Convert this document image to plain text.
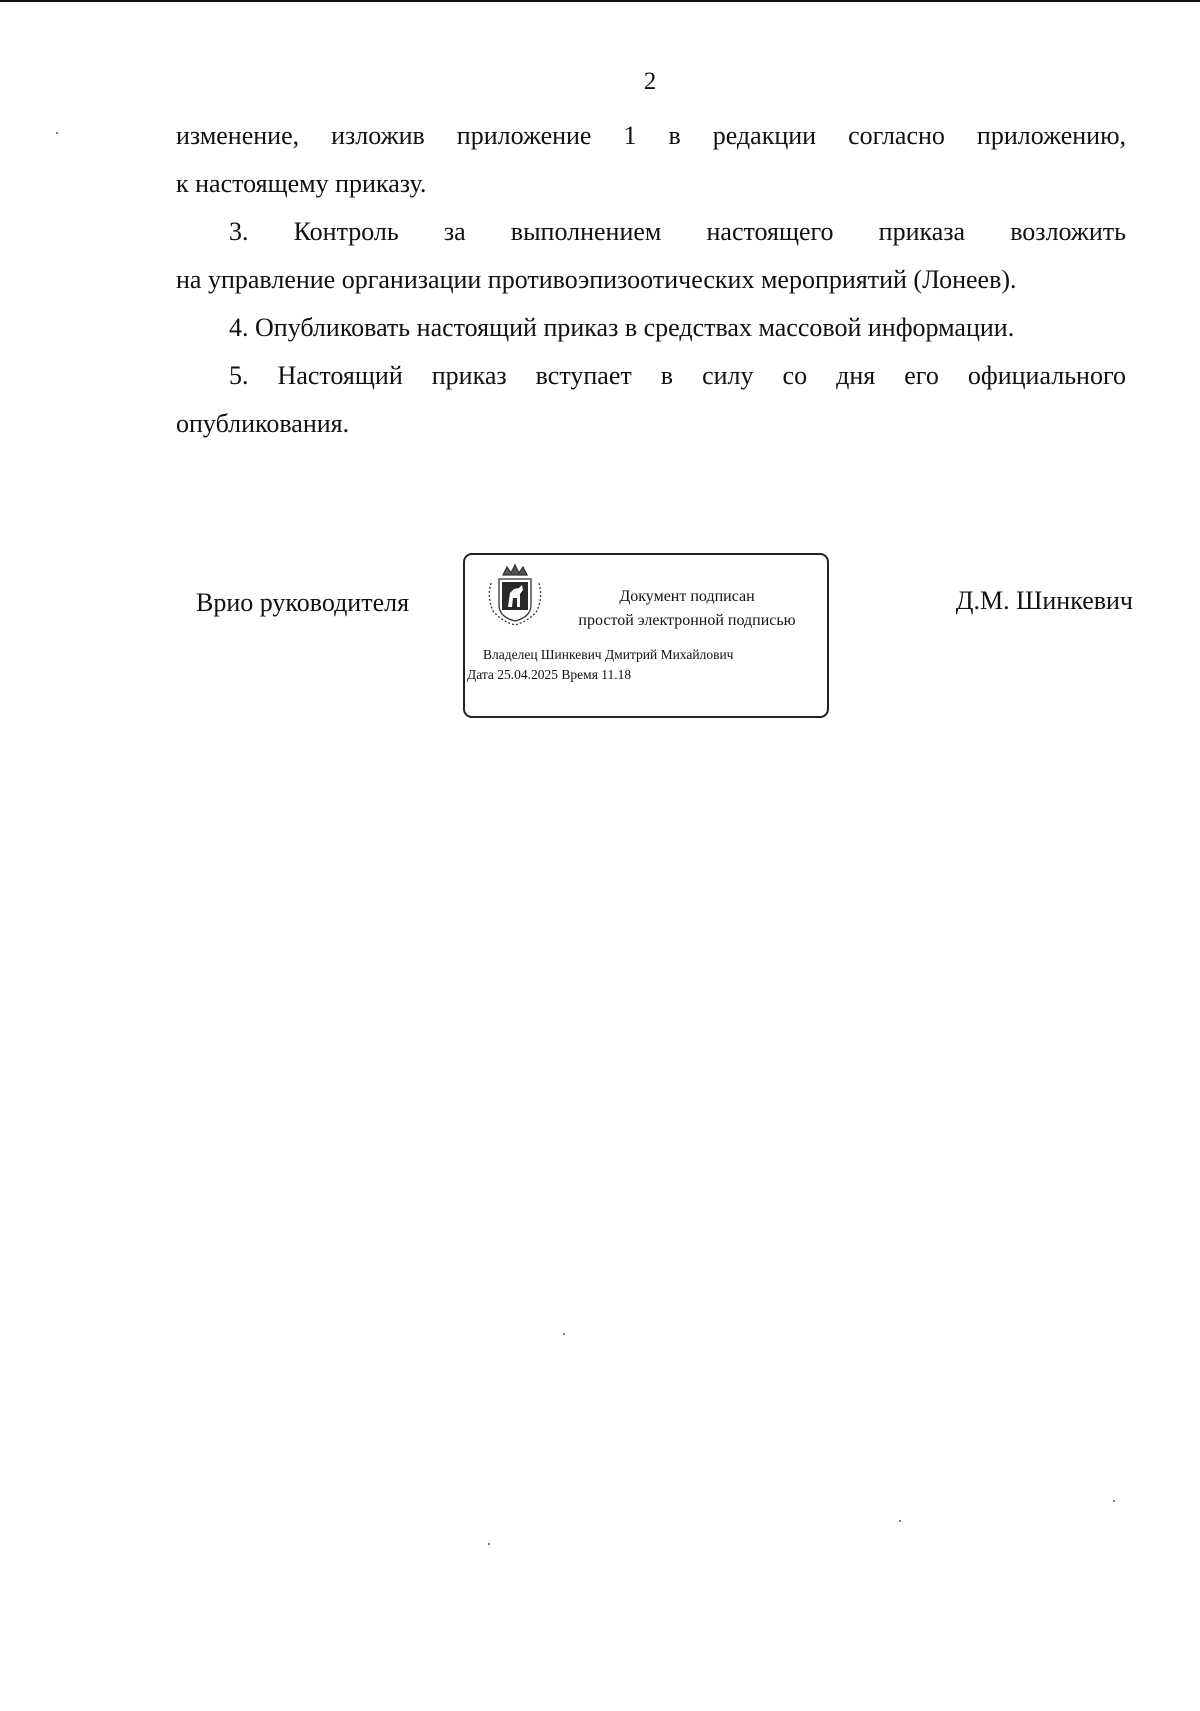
2

изменение, изложив приложение 1 в редакции согласно приложению,

к настоящему приказу.

3. Контроль за выполнением настоящего приказа возложить

на управление организации противоэпизоотических мероприятий (Лонеев).

4. Опубликовать настоящий приказ в средствах массовой информации.

5. Настоящий приказ вступает в силу со дня его официального

опубликования.

Врио руководителя	Документ подписан
простой электронной подписью
Владелец Шинкевич Дмитрий Михайлович
Дата 25.04.2025 Время 11.18
Д.М. Шинкевич
